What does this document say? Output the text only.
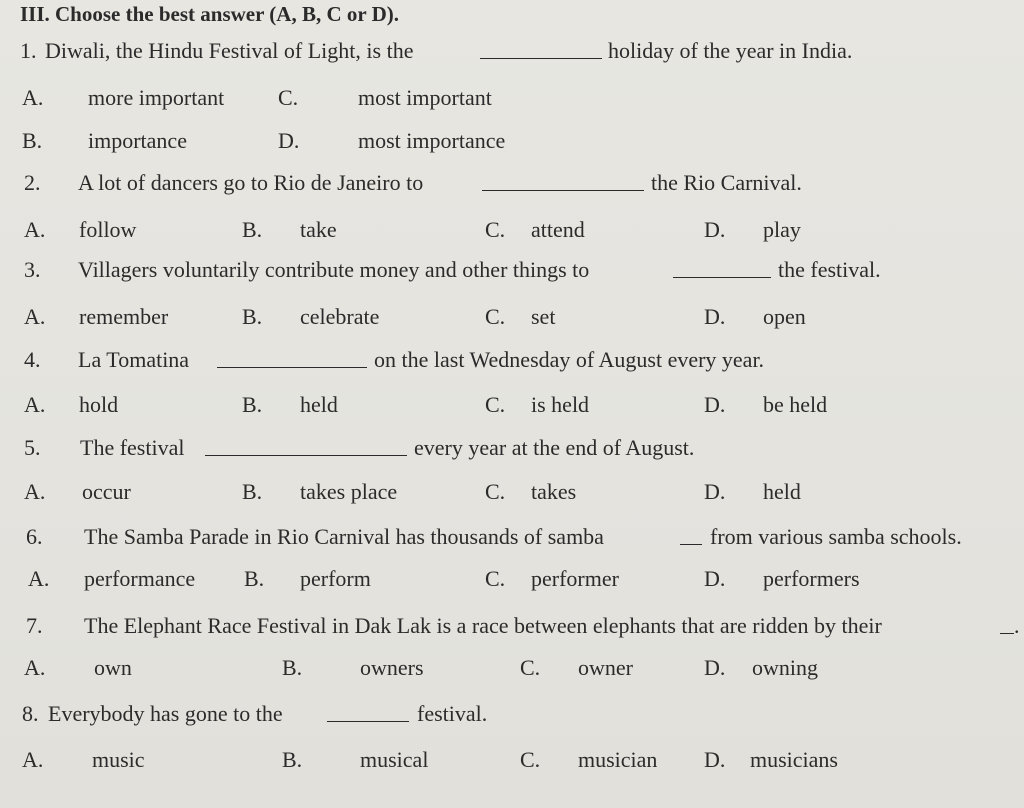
III. Choose the best answer (A, B, C or D).
1. Diwali, the Hindu Festival of Light, is the	holiday of the year in India.
A. more important C.	most important
B. importance	D.	most importance
2. A lot of dancers go to Rio de Janeiro to	the Rio Carnival.
A. follow	B. take	C. attend	D. play
3. Villagers voluntarily contribute money and other things to	the festival.
A. remember	B. celebrate	C. set	D. open
4. La Tomatina	on the last Wednesday of August every year.
A. hold	B. held	C. is held	D. be held
5. The festival	every year at the end of August.
A. occur	B. takes place	C. takes	D. held
6. The Samba Parade in Rio Carnival has thousands of samba	from various samba schools.
A. performance B. perform	C. performer	D. performers
7. The Elephant Race Festival in Dak Lak is a race between elephants that are ridden by their	.
A. own	B.	owners	C. owner	D. owning
8. Everybody has gone to the	festival.
A. music	B.	musical	C. musician D. musicians
